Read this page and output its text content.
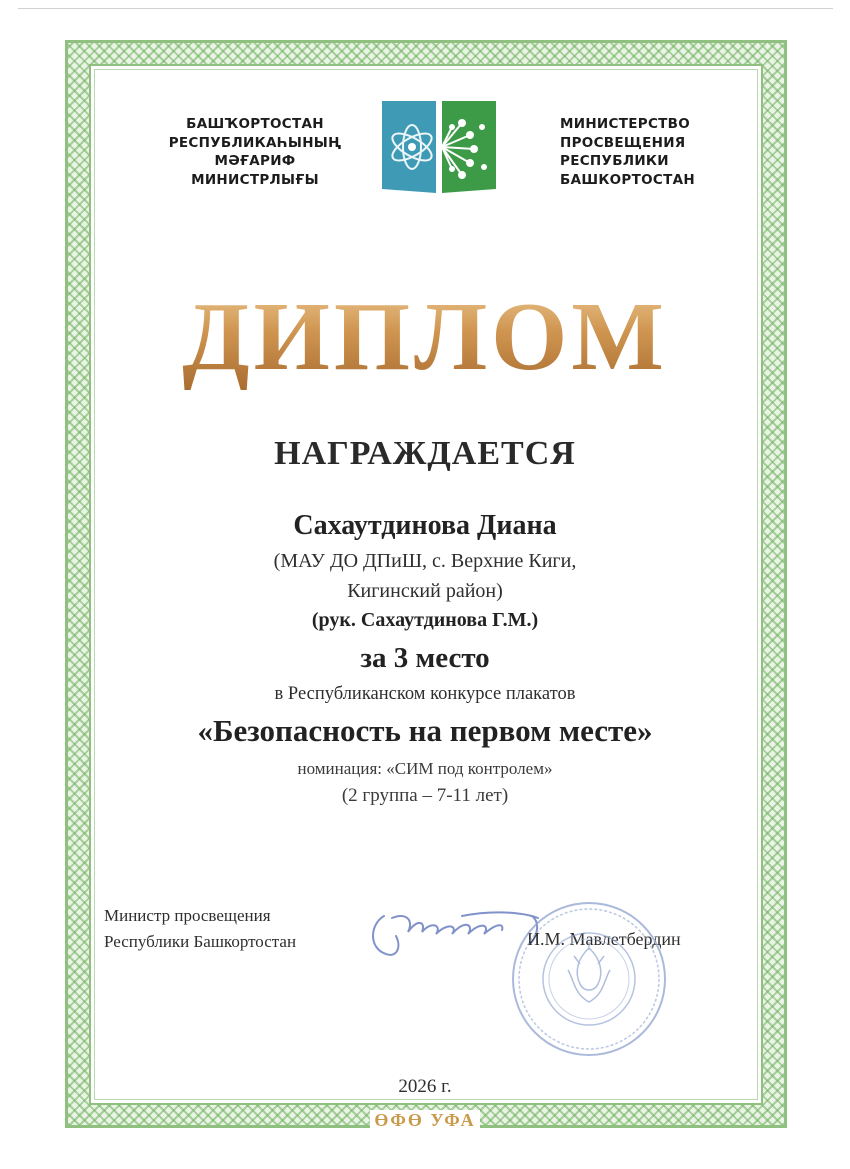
БАШҠОРТОСТАН
РЕСПУБЛИКАҺЫНЫҢ
МӘҒАРИФ
МИНИСТРЛЫҒЫ
МИНИСТЕРСТВО
ПРОСВЕЩЕНИЯ
РЕСПУБЛИКИ
БАШКОРТОСТАН
ДИПЛОМ
НАГРАЖДАЕТСЯ
Сахаутдинова Диана
(МАУ ДО ДПиШ, с. Верхние Киги,
Кигинский район)
(рук. Сахаутдинова Г.М.)
за 3 место
в Республиканском конкурсе плакатов
«Безопасность на первом месте»
номинация: «СИМ под контролем»
(2 группа – 7-11 лет)
Министр просвещения
Республики Башкортостан	И.М. Мавлетбердин
2026 г.
ӨФӨ УФА
